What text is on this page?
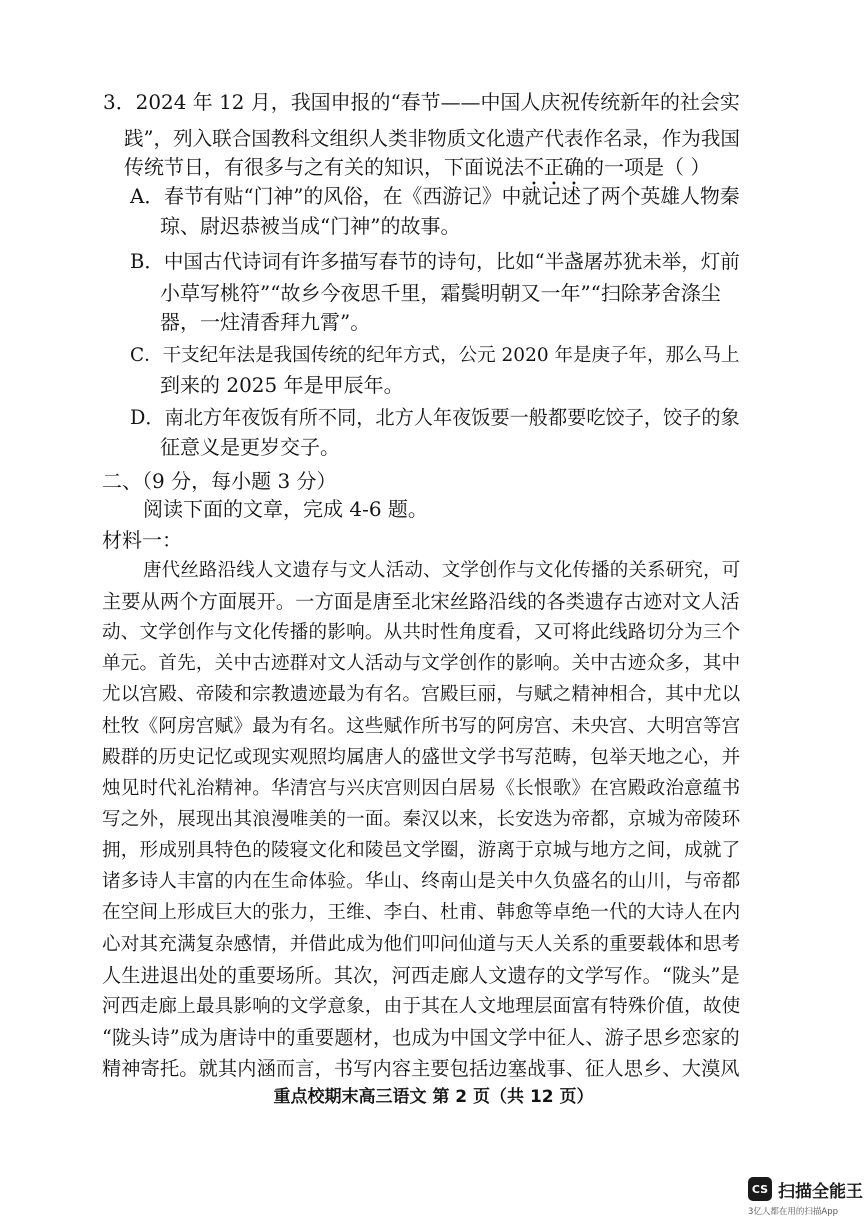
3．2024 年 12 月，我国申报的“春节——中国人庆祝传统新年的社会实
践”，列入联合国教科文组织人类非物质文化遗产代表作名录，作为我国
传统节日，有很多与之有关的知识，下面说法不正确的一项是（ ）
A．春节有贴“门神”的风俗，在《西游记》中就记述了两个英雄人物秦
琼、尉迟恭被当成“门神”的故事。
B．中国古代诗词有许多描写春节的诗句，比如“半盏屠苏犹未举，灯前
小草写桃符”“故乡今夜思千里，霜鬓明朝又一年”“扫除茅舍涤尘
器，一炷清香拜九霄”。
C．干支纪年法是我国传统的纪年方式，公元 2020 年是庚子年，那么马上
到来的 2025 年是甲辰年。
D．南北方年夜饭有所不同，北方人年夜饭要一般都要吃饺子，饺子的象
征意义是更岁交子。
二、（9 分，每小题 3 分）
阅读下面的文章，完成 4-6 题。
材料一：
唐代丝路沿线人文遗存与文人活动、文学创作与文化传播的关系研究，可
主要从两个方面展开。一方面是唐至北宋丝路沿线的各类遗存古迹对文人活
动、文学创作与文化传播的影响。从共时性角度看，又可将此线路切分为三个
单元。首先，关中古迹群对文人活动与文学创作的影响。关中古迹众多，其中
尤以宫殿、帝陵和宗教遗迹最为有名。宫殿巨丽，与赋之精神相合，其中尤以
杜牧《阿房宫赋》最为有名。这些赋作所书写的阿房宫、未央宫、大明宫等宫
殿群的历史记忆或现实观照均属唐人的盛世文学书写范畴，包举天地之心，并
烛见时代礼治精神。华清宫与兴庆宫则因白居易《长恨歌》在宫殿政治意蕴书
写之外，展现出其浪漫唯美的一面。秦汉以来，长安迭为帝都，京城为帝陵环
拥，形成别具特色的陵寝文化和陵邑文学圈，游离于京城与地方之间，成就了
诸多诗人丰富的内在生命体验。华山、终南山是关中久负盛名的山川，与帝都
在空间上形成巨大的张力，王维、李白、杜甫、韩愈等卓绝一代的大诗人在内
心对其充满复杂感情，并借此成为他们叩问仙道与天人关系的重要载体和思考
人生进退出处的重要场所。其次，河西走廊人文遗存的文学写作。“陇头”是
河西走廊上最具影响的文学意象，由于其在人文地理层面富有特殊价值，故使
“陇头诗”成为唐诗中的重要题材，也成为中国文学中征人、游子思乡恋家的
精神寄托。就其内涵而言，书写内容主要包括边塞战事、征人思乡、大漠风
重点校期末高三语文 第 2 页（共 12 页）
CS 扫描全能王
3亿人都在用的扫描App
